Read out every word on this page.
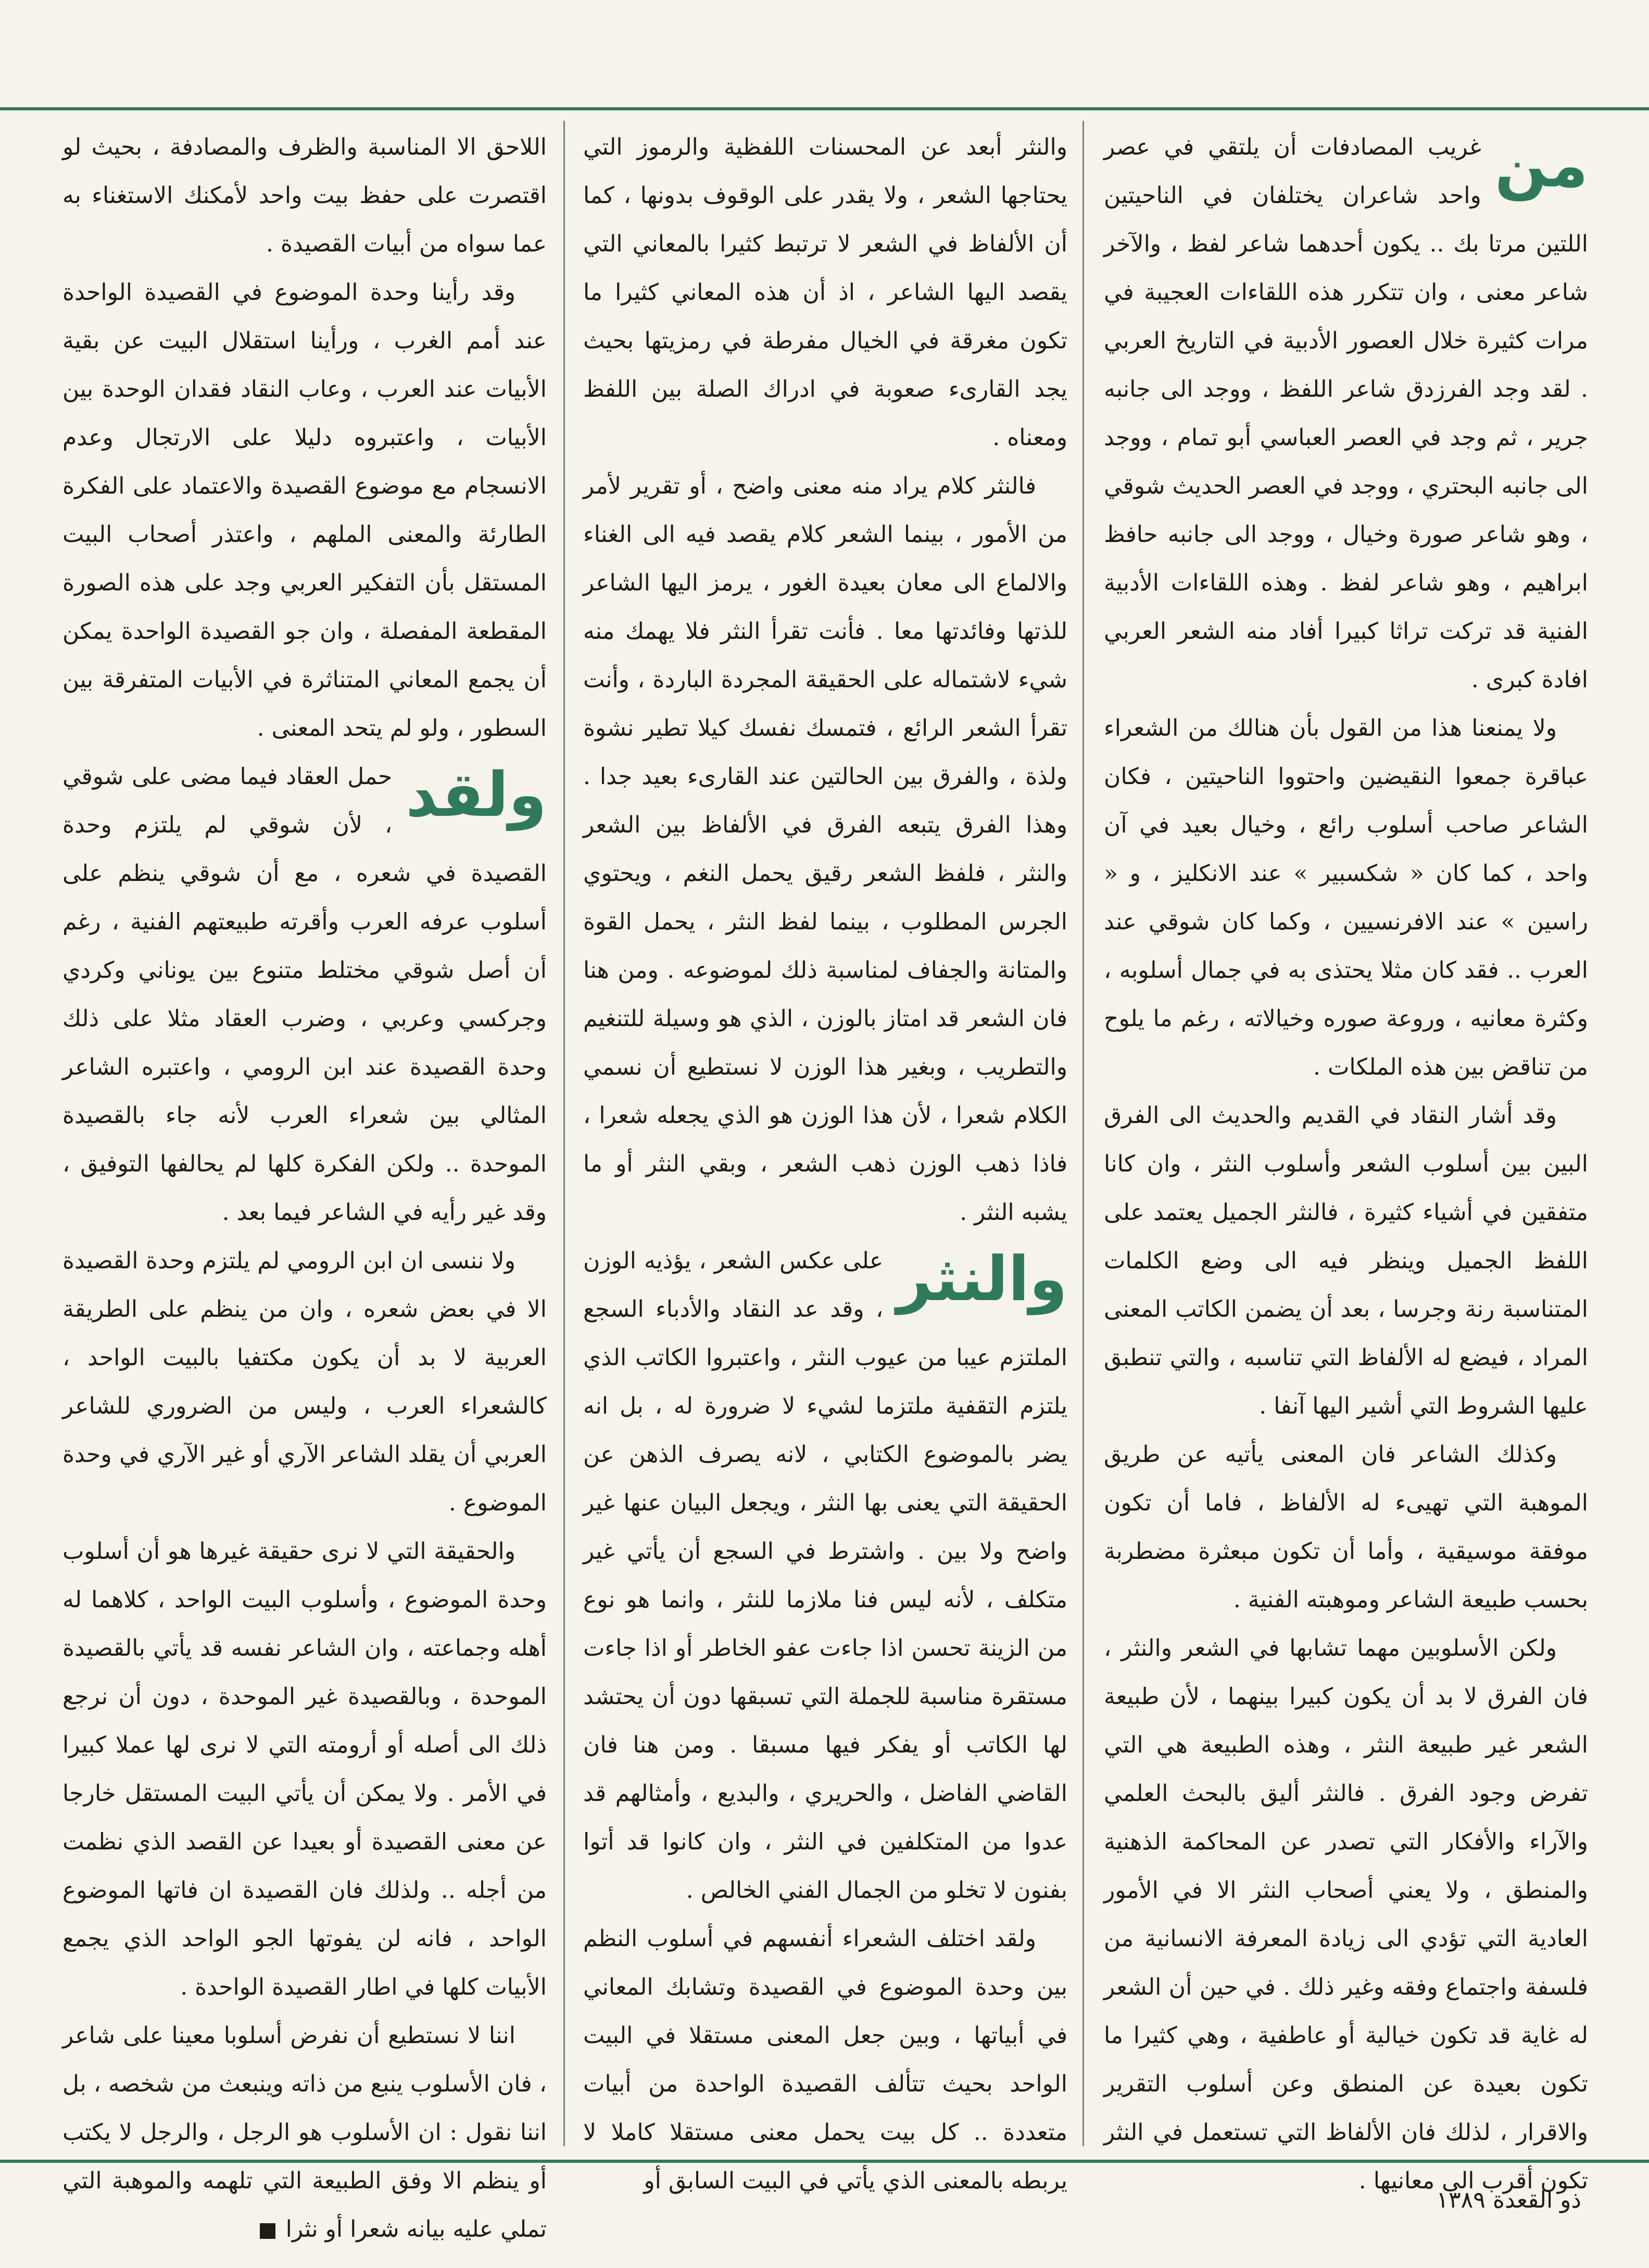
من

غريب المصادفات أن يلتقي في عصر واحد شاعران يختلفان في الناحيتين اللتين مرتا بك .. يكون أحدهما شاعر لفظ ، والآخر شاعر معنى ، وان تتكرر هذه اللقاءات العجيبة في مرات كثيرة خلال العصور الأدبية في التاريخ العربي . لقد وجد الفرزدق شاعر اللفظ ، ووجد الى جانبه جرير ، ثم وجد في العصر العباسي أبو تمام ، ووجد الى جانبه البحتري ، ووجد في العصر الحديث شوقي ، وهو شاعر صورة وخيال ، ووجد الى جانبه حافظ ابراهيم ، وهو شاعر لفظ . وهذه اللقاءات الأدبية الفنية قد تركت تراثا كبيرا أفاد منه الشعر العربي افادة كبرى .

ولا يمنعنا هذا من القول بأن هنالك من الشعراء عباقرة جمعوا النقيضين واحتووا الناحيتين ، فكان الشاعر صاحب أسلوب رائع ، وخيال بعيد في آن واحد ، كما كان « شكسبير » عند الانكليز ، و « راسين » عند الافرنسيين ، وكما كان شوقي عند العرب .. فقد كان مثلا يحتذى به في جمال أسلوبه ، وكثرة معانيه ، وروعة صوره وخيالاته ، رغم ما يلوح من تناقض بين هذه الملكات .

وقد أشار النقاد في القديم والحديث الى الفرق البين بين أسلوب الشعر وأسلوب النثر ، وان كانا متفقين في أشياء كثيرة ، فالنثر الجميل يعتمد على اللفظ الجميل وينظر فيه الى وضع الكلمات المتناسبة رنة وجرسا ، بعد أن يضمن الكاتب المعنى المراد ، فيضع له الألفاظ التي تناسبه ، والتي تنطبق عليها الشروط التي أشير اليها آنفا .

وكذلك الشاعر فان المعنى يأتيه عن طريق الموهبة التي تهيىء له الألفاظ ، فاما أن تكون موفقة موسيقية ، وأما أن تكون مبعثرة مضطربة بحسب طبيعة الشاعر وموهبته الفنية .

ولكن الأسلوبين مهما تشابها في الشعر والنثر ، فان الفرق لا بد أن يكون كبيرا بينهما ، لأن طبيعة الشعر غير طبيعة النثر ، وهذه الطبيعة هي التي تفرض وجود الفرق . فالنثر أليق بالبحث العلمي والآراء والأفكار التي تصدر عن المحاكمة الذهنية والمنطق ، ولا يعني أصحاب النثر الا في الأمور العادية التي تؤدي الى زيادة المعرفة الانسانية من فلسفة واجتماع وفقه وغير ذلك . في حين أن الشعر له غاية قد تكون خيالية أو عاطفية ، وهي كثيرا ما تكون بعيدة عن المنطق وعن أسلوب التقرير والاقرار ، لذلك فان الألفاظ التي تستعمل في النثر تكون أقرب الى معانيها .

والنثر أبعد عن المحسنات اللفظية والرموز التي يحتاجها الشعر ، ولا يقدر على الوقوف بدونها ، كما أن الألفاظ في الشعر لا ترتبط كثيرا بالمعاني التي يقصد اليها الشاعر ، اذ أن هذه المعاني كثيرا ما تكون مغرقة في الخيال مفرطة في رمزيتها بحيث يجد القارىء صعوبة في ادراك الصلة بين اللفظ ومعناه .

فالنثر كلام يراد منه معنى واضح ، أو تقرير لأمر من الأمور ، بينما الشعر كلام يقصد فيه الى الغناء والالماع الى معان بعيدة الغور ، يرمز اليها الشاعر للذتها وفائدتها معا . فأنت تقرأ النثر فلا يهمك منه شيء لاشتماله على الحقيقة المجردة الباردة ، وأنت تقرأ الشعر الرائع ، فتمسك نفسك كيلا تطير نشوة ولذة ، والفرق بين الحالتين عند القارىء بعيد جدا . وهذا الفرق يتبعه الفرق في الألفاظ بين الشعر والنثر ، فلفظ الشعر رقيق يحمل النغم ، ويحتوي الجرس المطلوب ، بينما لفظ النثر ، يحمل القوة والمتانة والجفاف لمناسبة ذلك لموضوعه . ومن هنا فان الشعر قد امتاز بالوزن ، الذي هو وسيلة للتنغيم والتطريب ، وبغير هذا الوزن لا نستطيع أن نسمي الكلام شعرا ، لأن هذا الوزن هو الذي يجعله شعرا ، فاذا ذهب الوزن ذهب الشعر ، وبقي النثر أو ما يشبه النثر .

والنثر

على عكس الشعر ، يؤذيه الوزن ، وقد عد النقاد والأدباء السجع الملتزم عيبا من عيوب النثر ، واعتبروا الكاتب الذي يلتزم التقفية ملتزما لشيء لا ضرورة له ، بل انه يضر بالموضوع الكتابي ، لانه يصرف الذهن عن الحقيقة التي يعنى بها النثر ، ويجعل البيان عنها غير واضح ولا بين . واشترط في السجع أن يأتي غير متكلف ، لأنه ليس فنا ملازما للنثر ، وانما هو نوع من الزينة تحسن اذا جاءت عفو الخاطر أو اذا جاءت مستقرة مناسبة للجملة التي تسبقها دون أن يحتشد لها الكاتب أو يفكر فيها مسبقا . ومن هنا فان القاضي الفاضل ، والحريري ، والبديع ، وأمثالهم قد عدوا من المتكلفين في النثر ، وان كانوا قد أتوا بفنون لا تخلو من الجمال الفني الخالص .

ولقد اختلف الشعراء أنفسهم في أسلوب النظم بين وحدة الموضوع في القصيدة وتشابك المعاني في أبياتها ، وبين جعل المعنى مستقلا في البيت الواحد بحيث تتألف القصيدة الواحدة من أبيات متعددة .. كل بيت يحمل معنى مستقلا كاملا لا يربطه بالمعنى الذي يأتي في البيت السابق أو

اللاحق الا المناسبة والظرف والمصادفة ، بحيث لو اقتصرت على حفظ بيت واحد لأمكنك الاستغناء به عما سواه من أبيات القصيدة .

وقد رأينا وحدة الموضوع في القصيدة الواحدة عند أمم الغرب ، ورأينا استقلال البيت عن بقية الأبيات عند العرب ، وعاب النقاد فقدان الوحدة بين الأبيات ، واعتبروه دليلا على الارتجال وعدم الانسجام مع موضوع القصيدة والاعتماد على الفكرة الطارئة والمعنى الملهم ، واعتذر أصحاب البيت المستقل بأن التفكير العربي وجد على هذه الصورة المقطعة المفصلة ، وان جو القصيدة الواحدة يمكن أن يجمع المعاني المتناثرة في الأبيات المتفرقة بين السطور ، ولو لم يتحد المعنى .

ولقد

حمل العقاد فيما مضى على شوقي ، لأن شوقي لم يلتزم وحدة القصيدة في شعره ، مع أن شوقي ينظم على أسلوب عرفه العرب وأقرته طبيعتهم الفنية ، رغم أن أصل شوقي مختلط متنوع بين يوناني وكردي وجركسي وعربي ، وضرب العقاد مثلا على ذلك وحدة القصيدة عند ابن الرومي ، واعتبره الشاعر المثالي بين شعراء العرب لأنه جاء بالقصيدة الموحدة .. ولكن الفكرة كلها لم يحالفها التوفيق ، وقد غير رأيه في الشاعر فيما بعد .

ولا ننسى ان ابن الرومي لم يلتزم وحدة القصيدة الا في بعض شعره ، وان من ينظم على الطريقة العربية لا بد أن يكون مكتفيا بالبيت الواحد ، كالشعراء العرب ، وليس من الضروري للشاعر العربي أن يقلد الشاعر الآري أو غير الآري في وحدة الموضوع .

والحقيقة التي لا نرى حقيقة غيرها هو أن أسلوب وحدة الموضوع ، وأسلوب البيت الواحد ، كلاهما له أهله وجماعته ، وان الشاعر نفسه قد يأتي بالقصيدة الموحدة ، وبالقصيدة غير الموحدة ، دون أن نرجع ذلك الى أصله أو أرومته التي لا نرى لها عملا كبيرا في الأمر . ولا يمكن أن يأتي البيت المستقل خارجا عن معنى القصيدة أو بعيدا عن القصد الذي نظمت من أجله .. ولذلك فان القصيدة ان فاتها الموضوع الواحد ، فانه لن يفوتها الجو الواحد الذي يجمع الأبيات كلها في اطار القصيدة الواحدة .

اننا لا نستطيع أن نفرض أسلوبا معينا على شاعر ، فان الأسلوب ينبع من ذاته وينبعث من شخصه ، بل اننا نقول : ان الأسلوب هو الرجل ، والرجل لا يكتب أو ينظم الا وفق الطبيعة التي تلهمه والموهبة التي تملي عليه بيانه شعرا أو نثرا

ذو القعدة ١٣٨٩
